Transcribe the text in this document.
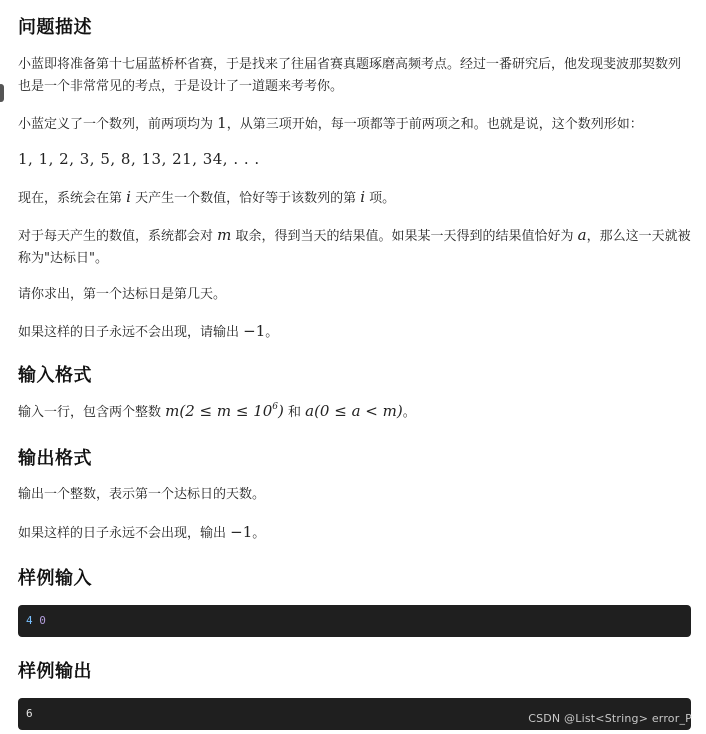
问题描述

小蓝即将准备第十七届蓝桥杯省赛，于是找来了往届省赛真题琢磨高频考点。经过一番研究后，他发现斐波那契数列也是一个非常常见的考点，于是设计了一道题来考考你。

小蓝定义了一个数列，前两项均为 1，从第三项开始，每一项都等于前两项之和。也就是说，这个数列形如：

1, 1, 2, 3, 5, 8, 13, 21, 34, . . .

现在，系统会在第 i 天产生一个数值，恰好等于该数列的第 i 项。

对于每天产生的数值，系统都会对 m 取余，得到当天的结果值。如果某一天得到的结果值恰好为 a，那么这一天就被称为"达标日"。

请你求出，第一个达标日是第几天。

如果这样的日子永远不会出现，请输出 −1。

输入格式

输入一行，包含两个整数 $m(2 \le m \le 10^6)$ 和 a(0 ≤ a < m)。

输出格式

输出一个整数，表示第一个达标日的天数。

如果这样的日子永远不会出现，输出 −1。

样例输入
4 0
样例输出
6	CSDN @List<String> error_P
